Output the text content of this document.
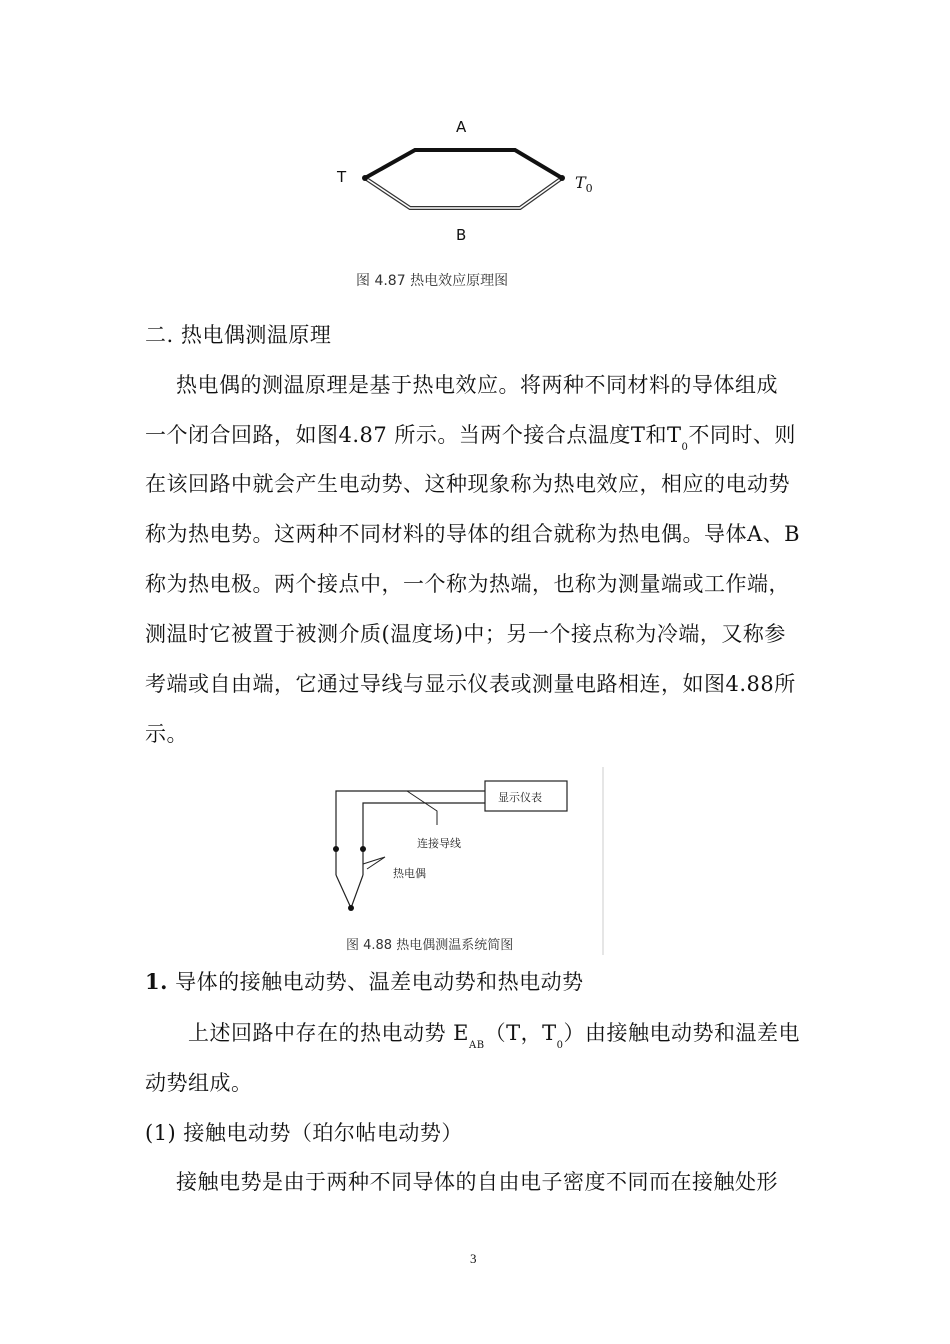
A
B
T	$T_0$
图 4.87 热电效应原理图
二. 热电偶测温原理
热电偶的测温原理是基于热电效应。将两种不同材料的导体组成
一个闭合回路，如图4.87 所示。当两个接合点温度T和$T_0$不同时、则
在该回路中就会产生电动势、这种现象称为热电效应，相应的电动势
称为热电势。这两种不同材料的导体的组合就称为热电偶。导体A、B
称为热电极。两个接点中，一个称为热端，也称为测量端或工作端，
测温时它被置于被测介质(温度场)中；另一个接点称为冷端，又称参
考端或自由端，它通过导线与显示仪表或测量电路相连，如图4.88所
示。
显示仪表
连接导线
热电偶
图 4.88 热电偶测温系统简图
1. 导体的接触电动势、温差电动势和热电动势
上述回路中存在的热电动势 $E_{AB}(T$，$T_0$）由接触电动势和温差电
动势组成。
(1) 接触电动势（珀尔帖电动势）
接触电势是由于两种不同导体的自由电子密度不同而在接触处形
3
